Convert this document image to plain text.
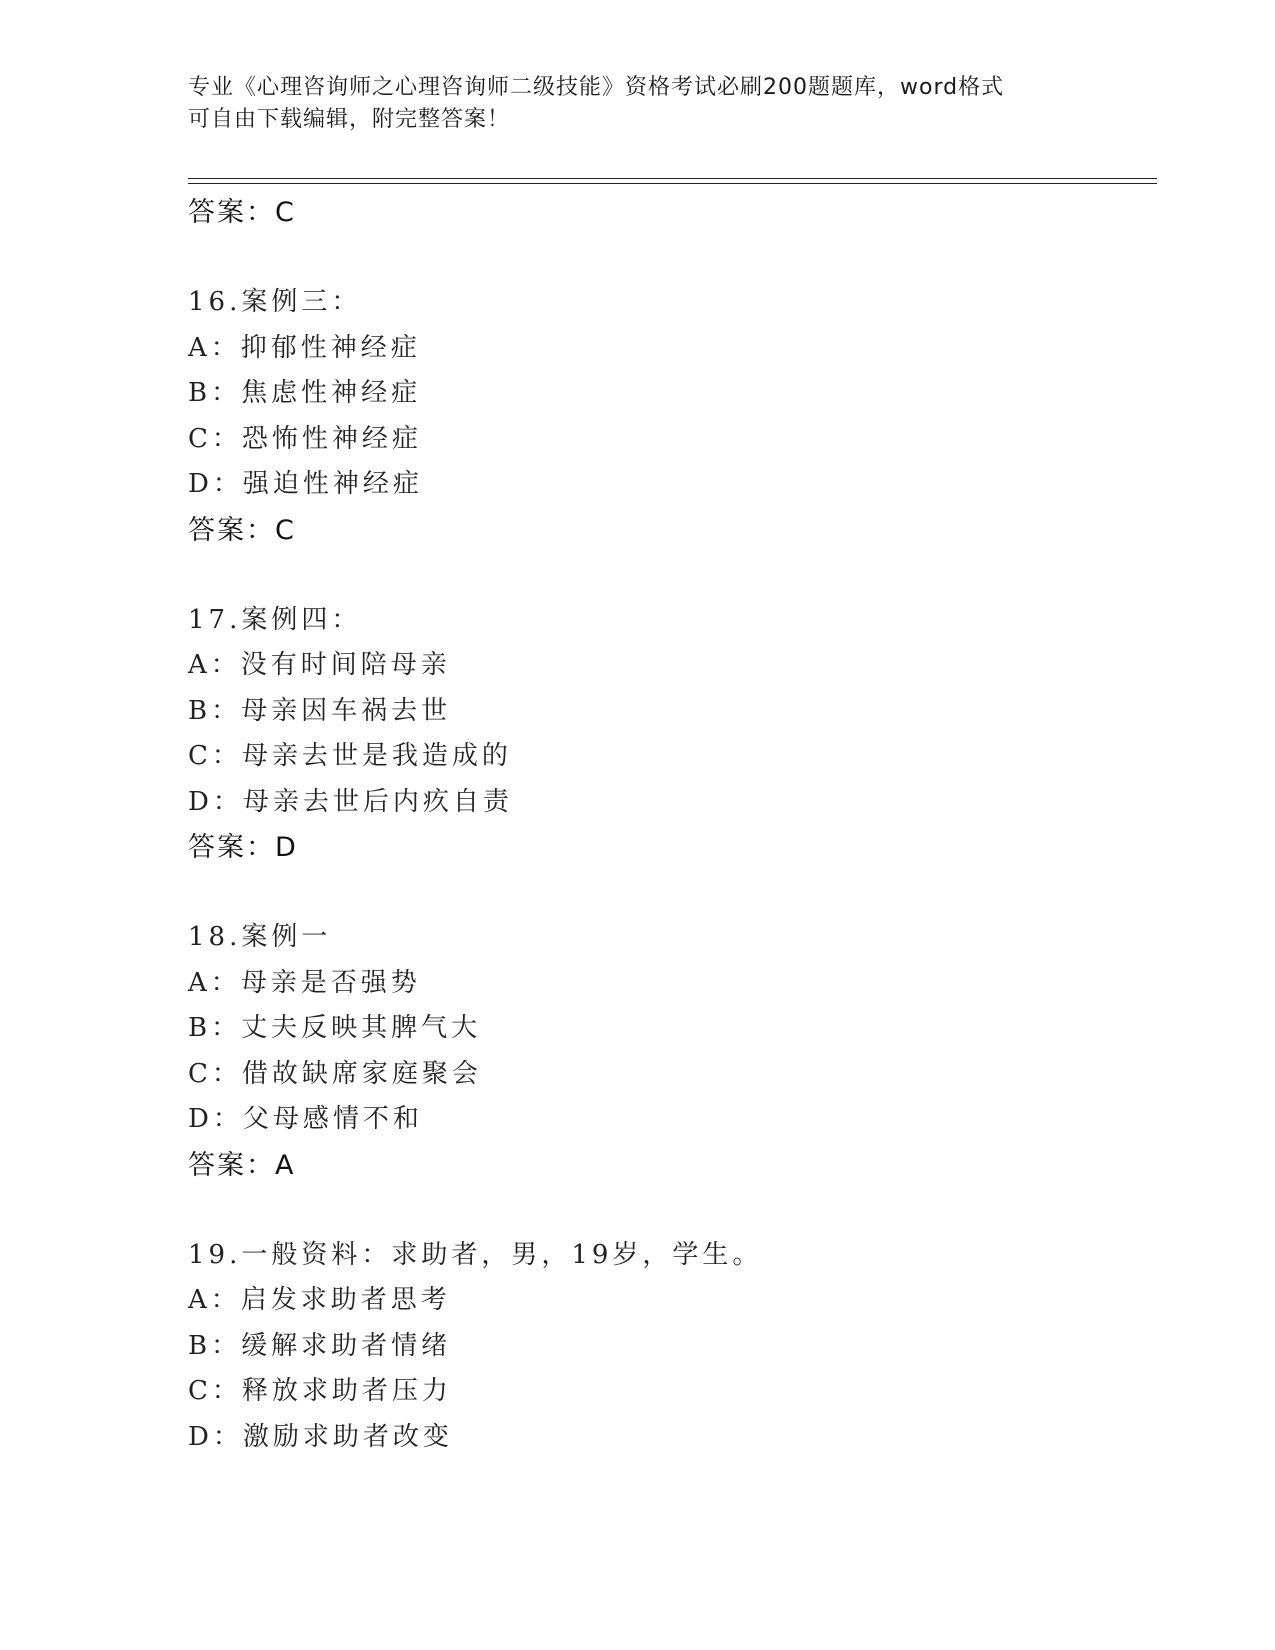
专业《心理咨询师之心理咨询师二级技能》资格考试必刷200题题库，word格式
可自由下载编辑，附完整答案！
答案：C
16.案例三：
A：抑郁性神经症
B：焦虑性神经症
C：恐怖性神经症
D：强迫性神经症
答案：C
17.案例四：
A：没有时间陪母亲
B：母亲因车祸去世
C：母亲去世是我造成的
D：母亲去世后内疚自责
答案：D
18.案例一
A：母亲是否强势
B：丈夫反映其脾气大
C：借故缺席家庭聚会
D：父母感情不和
答案：A
19.一般资料：求助者，男，19岁，学生。
A：启发求助者思考
B：缓解求助者情绪
C：释放求助者压力
D：激励求助者改变
